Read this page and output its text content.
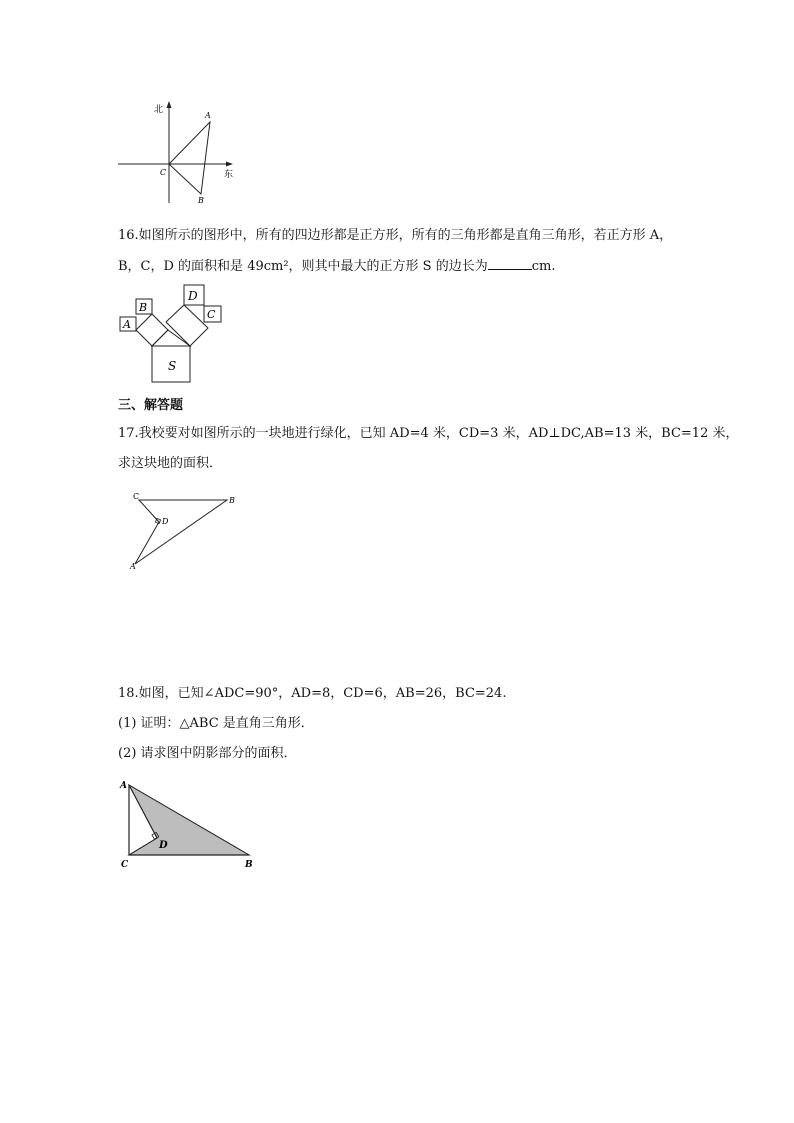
北
东
A
B
C
16.如图所示的图形中，所有的四边形都是正方形，所有的三角形都是直角三角形，若正方形 A，
B，C，D 的面积和是 49cm²，则其中最大的正方形 S 的边长为	cm.
A
B
D
C
S
三、解答题
17.我校要对如图所示的一块地进行绿化，已知 AD=4 米，CD=3 米，AD⊥DC,AB=13 米，BC=12 米，
求这块地的面积．
C	B
D
A
18.如图，已知∠ADC=90°，AD=8，CD=6，AB=26，BC=24.
(1) 证明：△ABC 是直角三角形．
(2) 请求图中阴影部分的面积．
A
D
C	B
